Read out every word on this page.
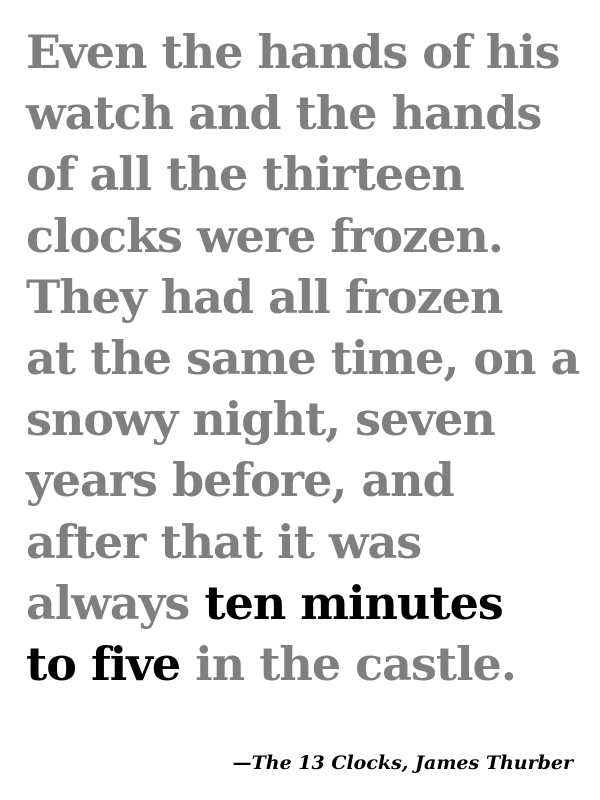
Even the hands of his
watch and the hands
of all the thirteen
clocks were frozen.
They had all frozen
at the same time, on a
snowy night, seven
years before, and
after that it was
always ten minutes
to five in the castle.

—The 13 Clocks, James Thurber
